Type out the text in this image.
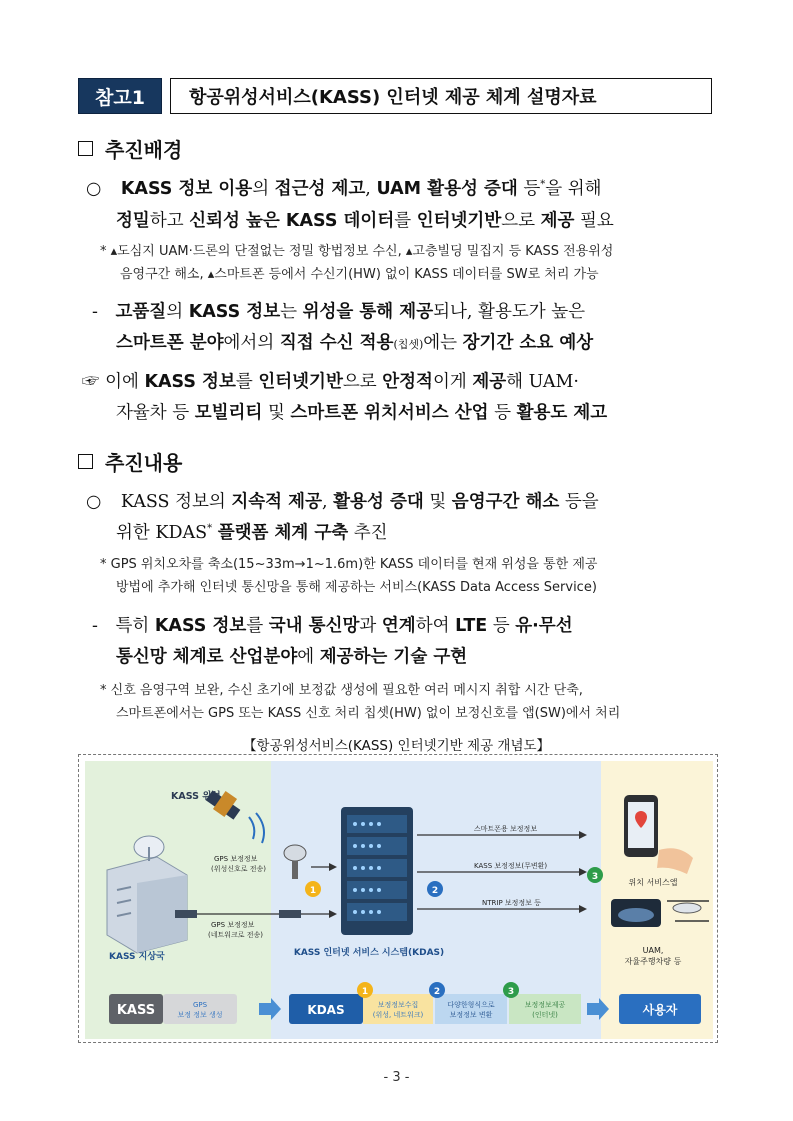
참고1	항공위성서비스(KASS) 인터넷 제공 체계 설명자료
추진배경
○ KASS 정보 이용의 접근성 제고, UAM 활용성 증대 등*을 위해
정밀하고 신뢰성 높은 KASS 데이터를 인터넷기반으로 제공 필요
* ▴도심지 UAM·드론의 단절없는 정밀 항법정보 수신, ▴고층빌딩 밀집지 등 KASS 전용위성
음영구간 해소, ▴스마트폰 등에서 수신기(HW) 없이 KASS 데이터를 SW로 처리 가능
- 고품질의 KASS 정보는 위성을 통해 제공되나, 활용도가 높은
스마트폰 분야에서의 직접 수신 적용(칩셋)에는 장기간 소요 예상
☞ 이에 KASS 정보를 인터넷기반으로 안정적이게 제공해 UAM·
자율차 등 모빌리티 및 스마트폰 위치서비스 산업 등 활용도 제고
추진내용
○ KASS 정보의 지속적 제공, 활용성 증대 및 음영구간 해소 등을
위한 KDAS* 플랫폼 체계 구축 추진
* GPS 위치오차를 축소(15~33m→1~1.6m)한 KASS 데이터를 현재 위성을 통한 제공
방법에 추가해 인터넷 통신망을 통해 제공하는 서비스(KASS Data Access Service)
- 특히 KASS 정보를 국내 통신망과 연계하여 LTE 등 유·무선
통신망 체계로 산업분야에 제공하는 기술 구현
* 신호 음영구역 보완, 수신 초기에 보정값 생성에 필요한 여러 메시지 취합 시간 단축,
스마트폰에서는 GPS 또는 KASS 신호 처리 칩셋(HW) 없이 보정신호를 앱(SW)에서 처리
【항공위성서비스(KASS) 인터넷기반 제공 개념도】
KASS 위성
KASS 지상국
GPS 보정정보
(위성신호로 전송)
1
GPS 보정정보
(네트워크로 전송)
KASS 인터넷 서비스 시스템(KDAS)
2
스마트폰용 보정정보
KASS 보정정보(무변환)
NTRIP 보정정보 등
3
위치 서비스앱
UAM,
자율주행차량 등
KASS	GPS
보정 정보 생성	KDAS
1
보정정보수집
(위성, 네트워크)
2
다양한형식으로
보정정보 변환
3
보정정보제공
(인터넷)	사용자
- 3 -
